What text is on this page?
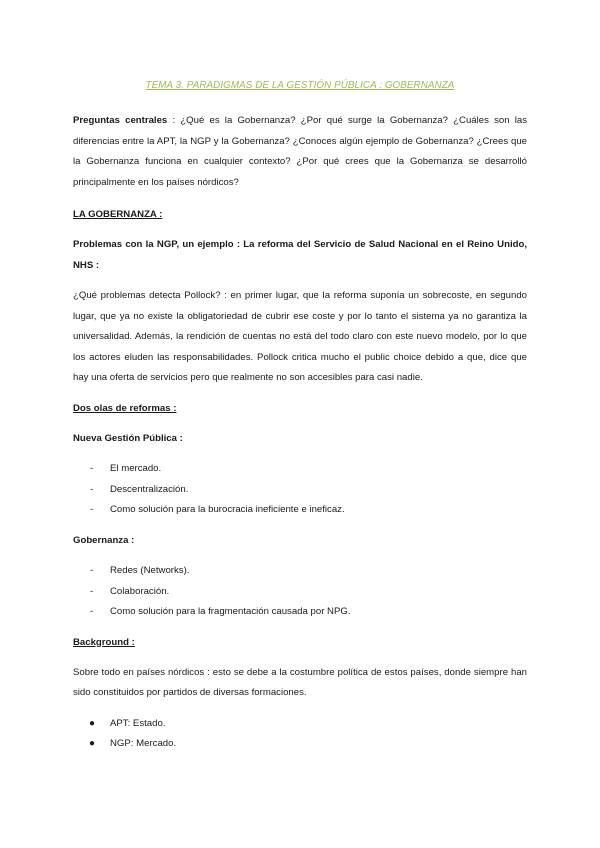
TEMA 3. PARADIGMAS DE LA GESTIÓN PÚBLICA : GOBERNANZA

Preguntas centrales : ¿Qué es la Gobernanza? ¿Por qué surge la Gobernanza? ¿Cuáles son las diferencias entre la APT, la NGP y la Gobernanza? ¿Conoces algún ejemplo de Gobernanza? ¿Crees que la Gobernanza funciona en cualquier contexto? ¿Por qué crees que la Gobernanza se desarrolló principalmente en los países nórdicos?

LA GOBERNANZA :

Problemas con la NGP, un ejemplo : La reforma del Servicio de Salud Nacional en el Reino Unido, NHS :

¿Qué problemas detecta Pollock? : en primer lugar, que la reforma suponía un sobrecoste, en segundo lugar, que ya no existe la obligatoriedad de cubrir ese coste y por lo tanto el sistema ya no garantiza la universalidad. Además, la rendición de cuentas no está del todo claro con este nuevo modelo, por lo que los actores eluden las responsabilidades. Pollock critica mucho el public choice debido a que, dice que hay una oferta de servicios pero que realmente no son accesibles para casi nadie.

Dos olas de reformas :
Nueva Gestión Pública :
- El mercado.
- Descentralización.
- Como solución para la burocracia ineficiente e ineficaz.
Gobernanza :
- Redes (Networks).
- Colaboración.
- Como solución para la fragmentación causada por NPG.
Background :

Sobre todo en países nórdicos : esto se debe a la costumbre política de estos países, donde siempre han sido constituidos por partidos de diversas formaciones.

● APT: Estado.
● NGP: Mercado.
